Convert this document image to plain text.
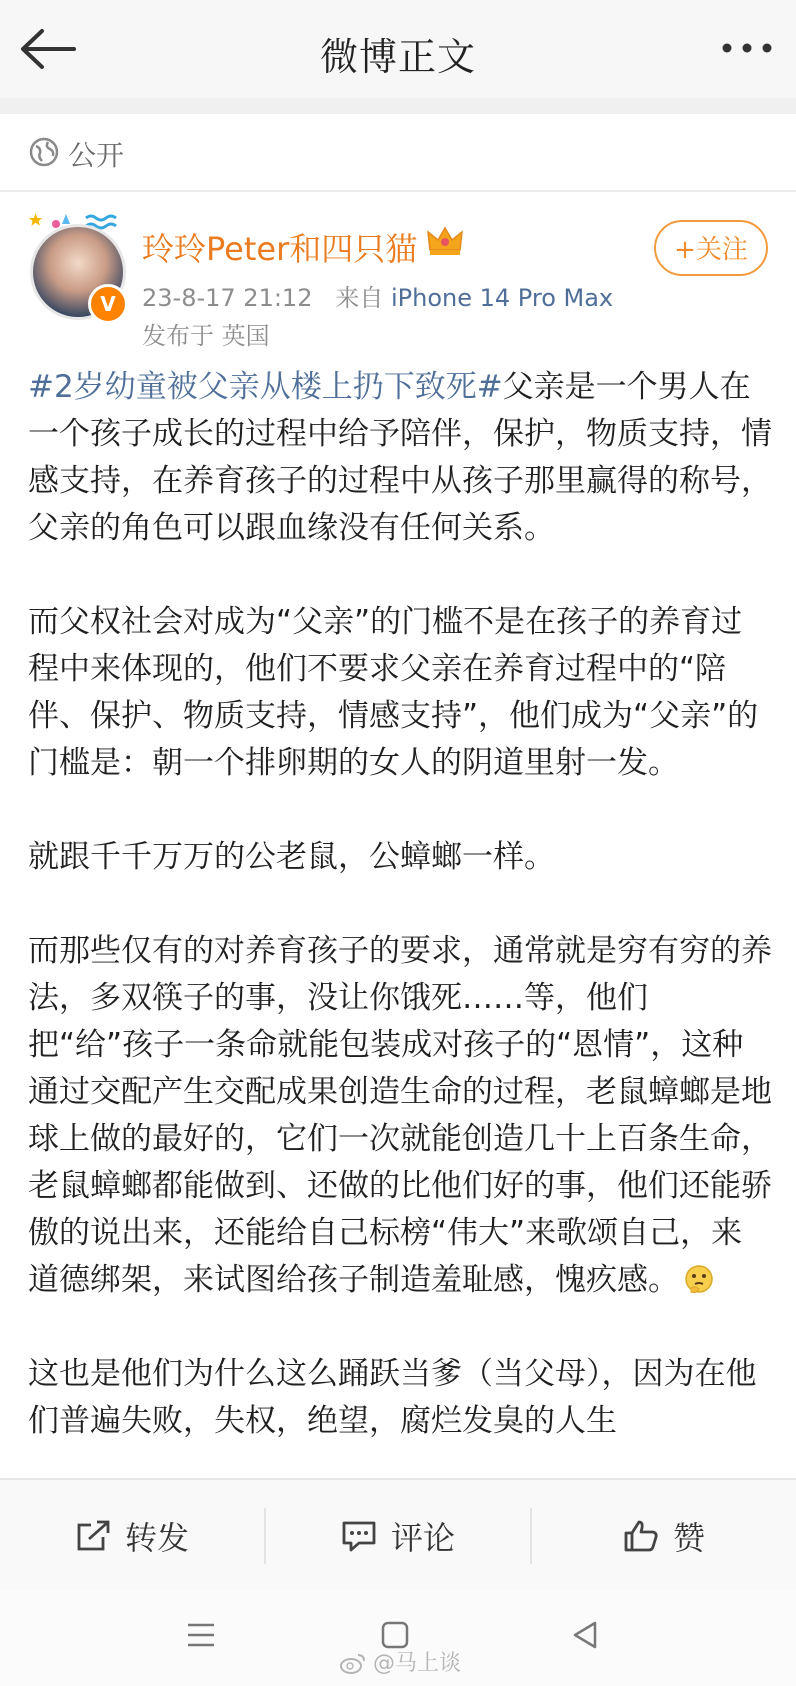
微博正文
公开
V
玲玲Peter和四只猫
23-8-17 21:12 来自 iPhone 14 Pro Max
发布于 英国
+关注

#2岁幼童被父亲从楼上扔下致死#父亲是一个男人在一个孩子成长的过程中给予陪伴，保护，物质支持，情感支持，在养育孩子的过程中从孩子那里赢得的称号，父亲的角色可以跟血缘没有任何关系。

而父权社会对成为“父亲”的门槛不是在孩子的养育过程中来体现的，他们不要求父亲在养育过程中的“陪伴、保护、物质支持，情感支持”，他们成为“父亲”的门槛是：朝一个排卵期的女人的阴道里射一发。

就跟千千万万的公老鼠，公蟑螂一样。

而那些仅有的对养育孩子的要求，通常就是穷有穷的养法，多双筷子的事，没让你饿死……等，他们把“给”孩子一条命就能包装成对孩子的“恩情”，这种通过交配产生交配成果创造生命的过程，老鼠蟑螂是地球上做的最好的，它们一次就能创造几十上百条生命，老鼠蟑螂都能做到、还做的比他们好的事，他们还能骄傲的说出来，还能给自己标榜“伟大”来歌颂自己，来道德绑架，来试图给孩子制造羞耻感，愧疚感。

这也是他们为什么这么踊跃当爹（当父母），因为在他们普遍失败，失权，绝望，腐烂发臭的人生

转发	评论	赞
@马上谈
